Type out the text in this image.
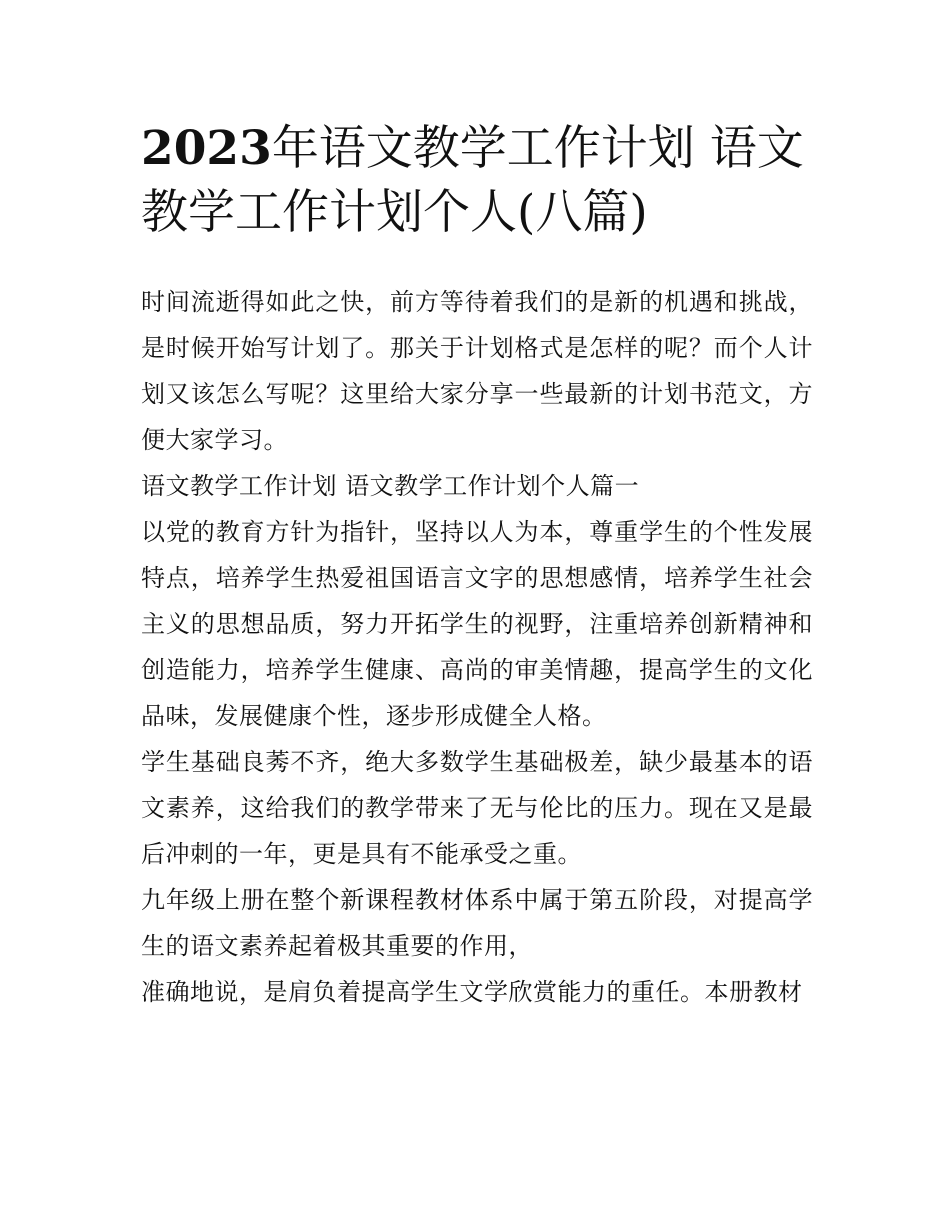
2023年语文教学工作计划 语文教学工作计划个人(八篇)

时间流逝得如此之快，前方等待着我们的是新的机遇和挑战，是时候开始写计划了。那关于计划格式是怎样的呢？而个人计划又该怎么写呢？这里给大家分享一些最新的计划书范文，方便大家学习。

语文教学工作计划 语文教学工作计划个人篇一

以党的教育方针为指针，坚持以人为本，尊重学生的个性发展特点，培养学生热爱祖国语言文字的思想感情，培养学生社会主义的思想品质，努力开拓学生的视野，注重培养创新精神和创造能力，培养学生健康、高尚的审美情趣，提高学生的文化品味，发展健康个性，逐步形成健全人格。

学生基础良莠不齐，绝大多数学生基础极差，缺少最基本的语文素养，这给我们的教学带来了无与伦比的压力。现在又是最后冲刺的一年，更是具有不能承受之重。

九年级上册在整个新课程教材体系中属于第五阶段，对提高学生的语文素养起着极其重要的作用，

准确地说，是肩负着提高学生文学欣赏能力的重任。本册教材
